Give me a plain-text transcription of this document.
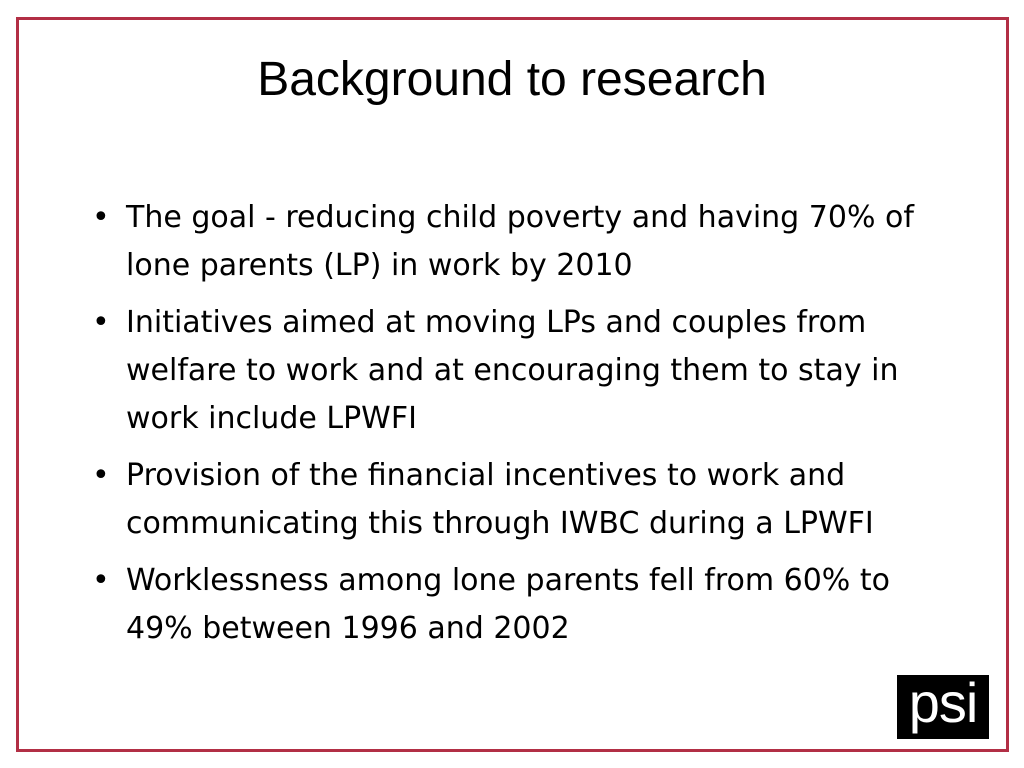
Background to research
• The goal - reducing child poverty and having 70% of lone parents (LP) in work by 2010
• Initiatives aimed at moving LPs and couples from welfare to work and at encouraging them to stay in work include LPWFI
• Provision of the financial incentives to work and communicating this through IWBC during a LPWFI
• Worklessness among lone parents fell from 60% to 49% between 1996 and 2002
psi
